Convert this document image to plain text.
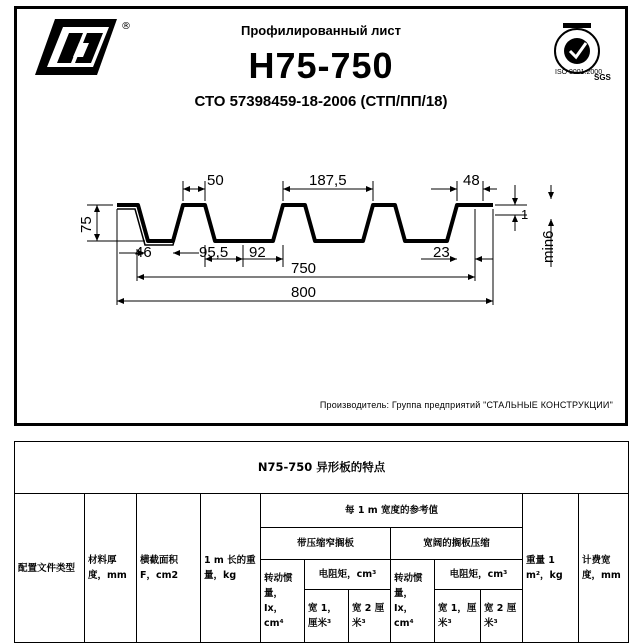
Профилированный лист
Н75-750
СТО 57398459-18-2006 (СТП/ПП/18)
®
ISO 9001:2000
SGS
50	187,5	48
75
46	95,5 92	23
1
min6
750
800
Производитель: Группа предприятий "СТАЛЬНЫЕ КОНСТРУКЦИИ"
N75-750 异形板的特点											
配置文件类型	材料厚度，mm	横截面积 F，cm2	1 m 长的重量，kg	每 1 m 宽度的参考值						重量 1 m²，kg	计费宽度，mm
				带压缩窄搁板			宽阔的搁板压缩				
				转动惯量，Ix，cm⁴	电阻矩，cm³		转动惯量，Ix，cm⁴	电阻矩，cm³			
					宽 1，厘米³	宽 2 厘米³		宽 1，厘米³	宽 2 厘米³		
